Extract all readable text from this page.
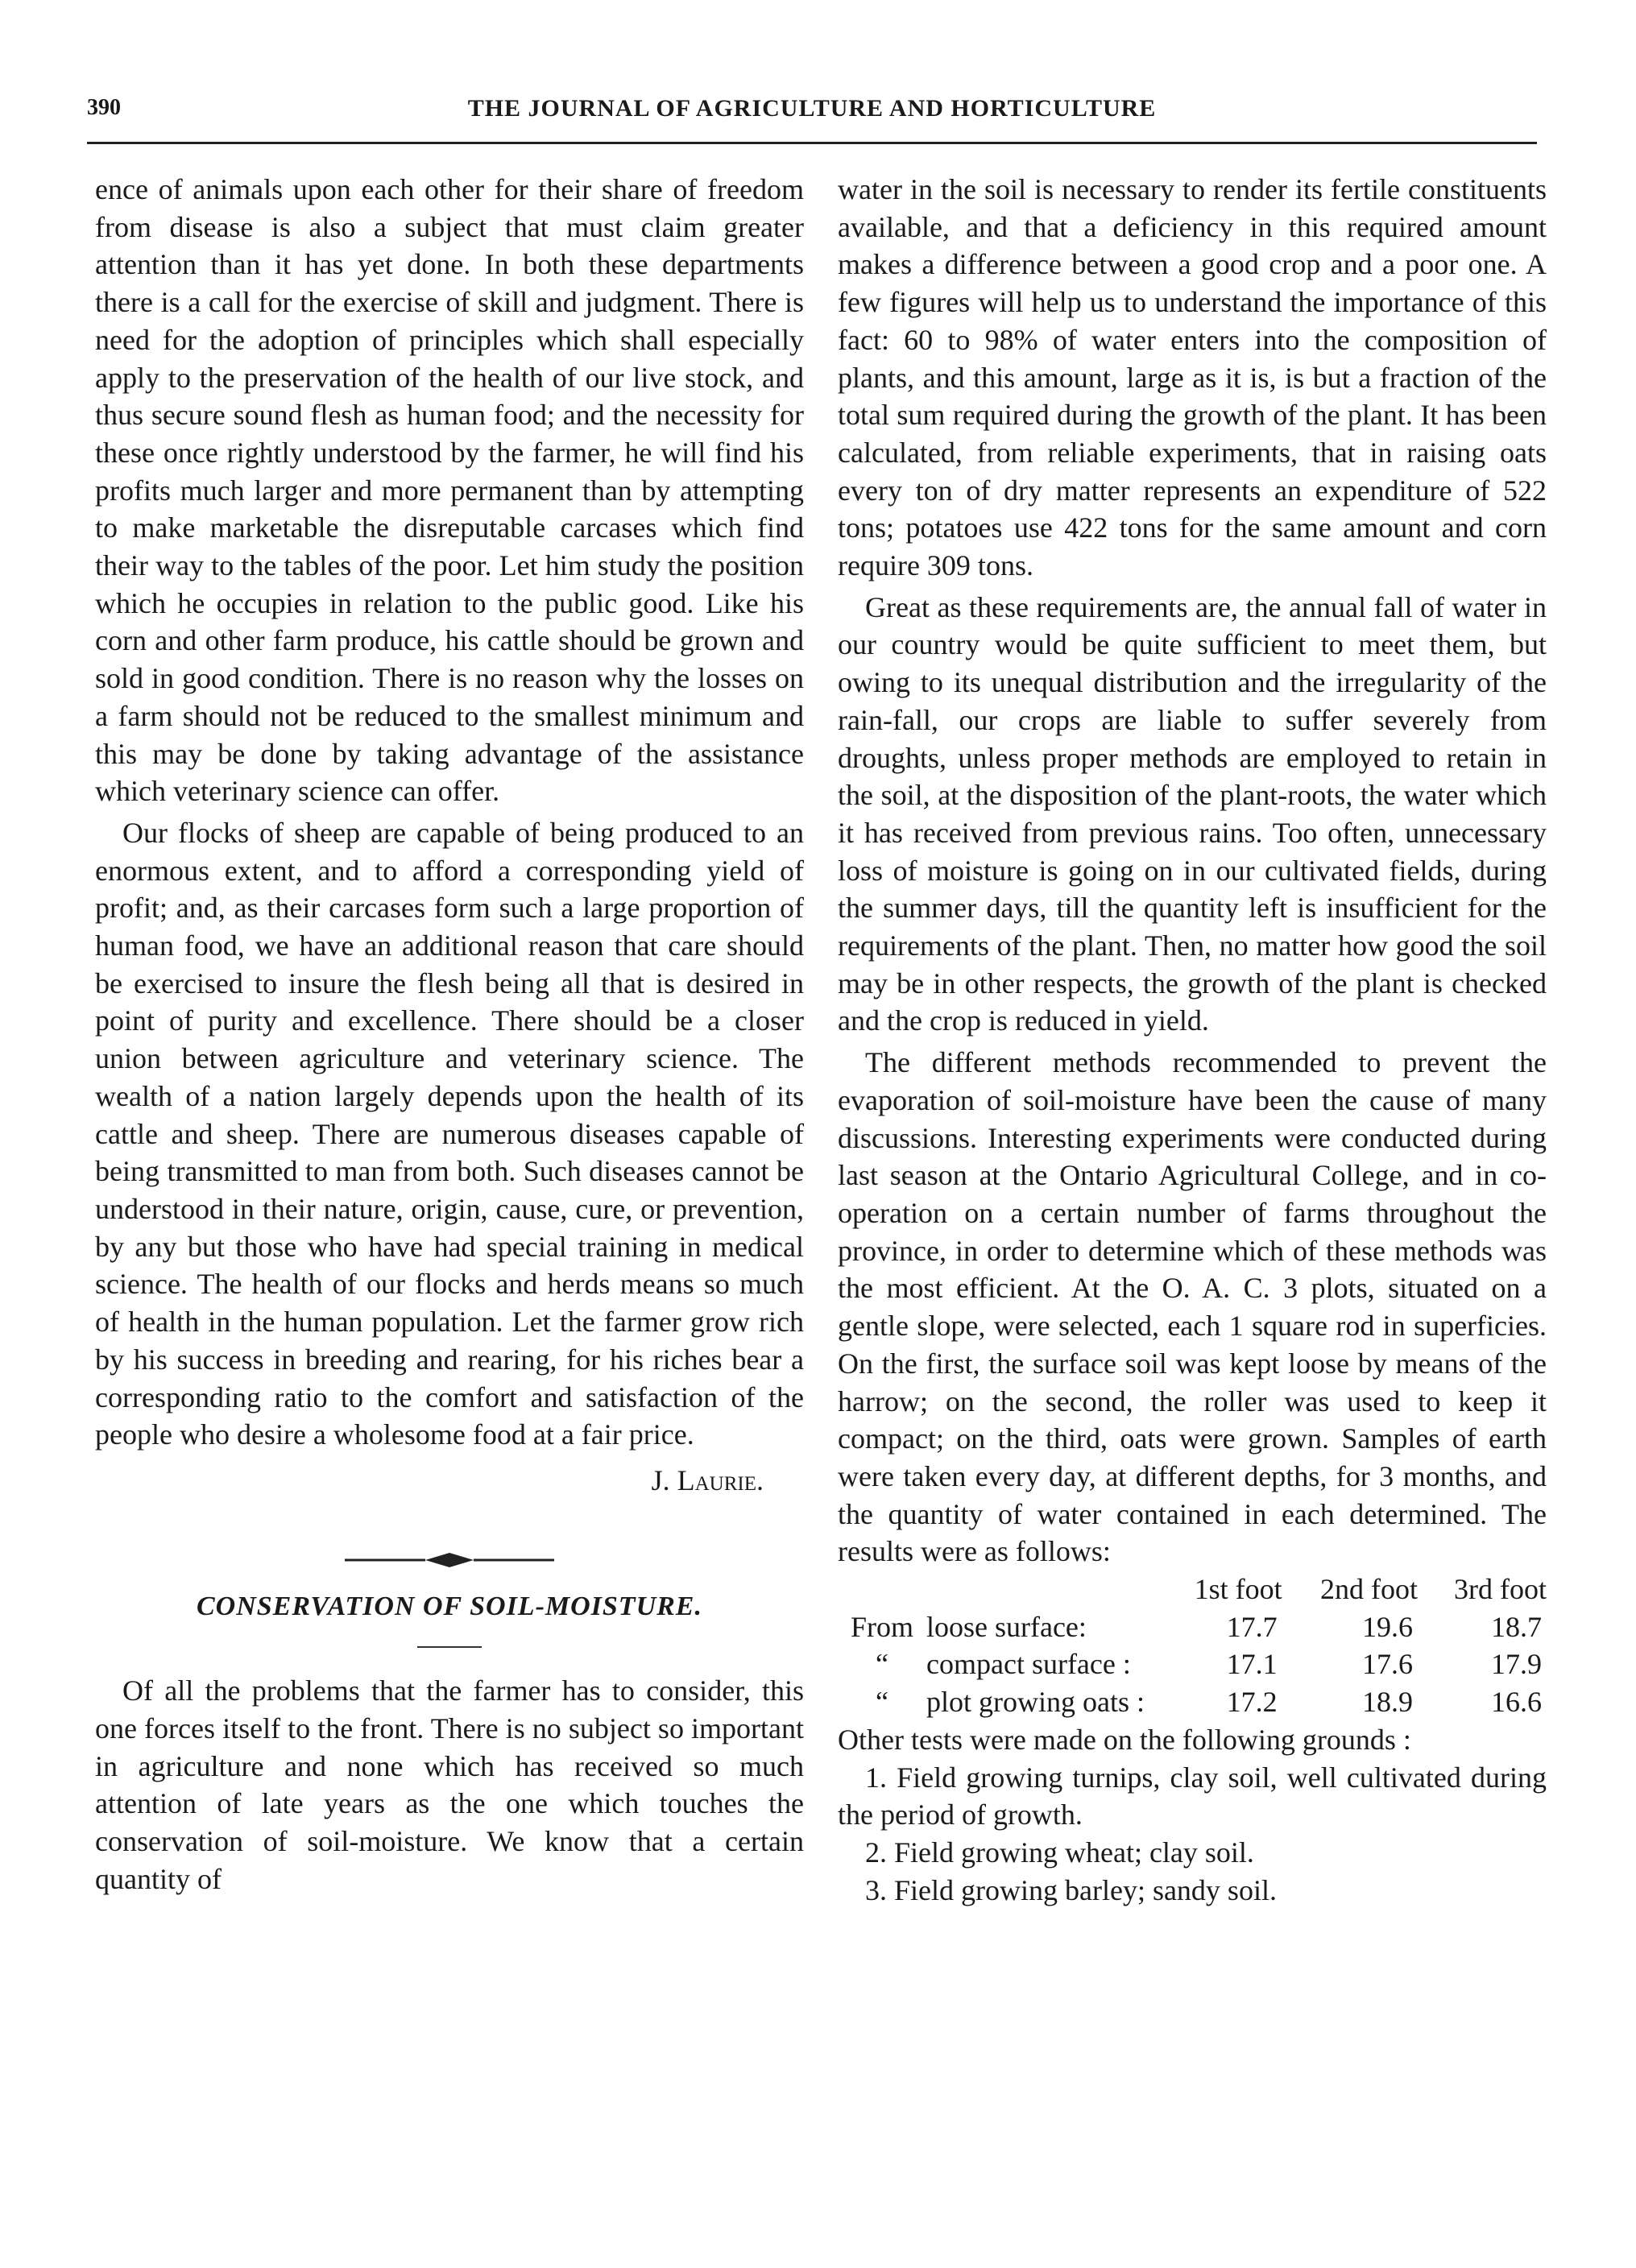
THE JOURNAL OF AGRICULTURE AND HORTICULTURE
390

ence of animals upon each other for their share of freedom from disease is also a subject that must claim greater attention than it has yet done. In both these departments there is a call for the exercise of skill and judgment. There is need for the adoption of principles which shall especially apply to the preservation of the health of our live stock, and thus secure sound flesh as human food; and the necessity for these once rightly understood by the farmer, he will find his profits much larger and more permanent than by attempting to make marketable the disreputable carcases which find their way to the tables of the poor. Let him study the position which he occupies in relation to the public good. Like his corn and other farm produce, his cattle should be grown and sold in good condition. There is no reason why the losses on a farm should not be reduced to the smallest minimum and this may be done by taking advantage of the assistance which veterinary science can offer.

Our flocks of sheep are capable of being produced to an enormous extent, and to afford a corresponding yield of profit; and, as their carcases form such a large proportion of human food, we have an additional reason that care should be exercised to insure the flesh being all that is desired in point of purity and excellence. There should be a closer union between agriculture and veterinary science. The wealth of a nation largely depends upon the health of its cattle and sheep. There are numerous diseases capable of being transmitted to man from both. Such diseases cannot be understood in their nature, origin, cause, cure, or prevention, by any but those who have had special training in medical science. The health of our flocks and herds means so much of health in the human population. Let the farmer grow rich by his success in breeding and rearing, for his riches bear a corresponding ratio to the comfort and satisfaction of the people who desire a wholesome food at a fair price.

J. Laurie.

CONSERVATION OF SOIL-MOISTURE.

Of all the problems that the farmer has to consider, this one forces itself to the front. There is no subject so important in agriculture and none which has received so much attention of late years as the one which touches the conservation of soil-moisture. We know that a certain quantity of

water in the soil is necessary to render its fertile constituents available, and that a deficiency in this required amount makes a difference between a good crop and a poor one. A few figures will help us to understand the importance of this fact: 60 to 98% of water enters into the composition of plants, and this amount, large as it is, is but a fraction of the total sum required during the growth of the plant. It has been calculated, from reliable experiments, that in raising oats every ton of dry matter represents an expenditure of 522 tons; potatoes use 422 tons for the same amount and corn require 309 tons.

Great as these requirements are, the annual fall of water in our country would be quite sufficient to meet them, but owing to its unequal distribution and the irregularity of the rain-fall, our crops are liable to suffer severely from droughts, unless proper methods are employed to retain in the soil, at the disposition of the plant-roots, the water which it has received from previous rains. Too often, unnecessary loss of moisture is going on in our cultivated fields, during the summer days, till the quantity left is insufficient for the requirements of the plant. Then, no matter how good the soil may be in other respects, the growth of the plant is checked and the crop is reduced in yield.

The different methods recommended to prevent the evaporation of soil-moisture have been the cause of many discussions. Interesting experiments were conducted during last season at the Ontario Agricultural College, and in co-operation on a certain number of farms throughout the province, in order to determine which of these methods was the most efficient. At the O. A. C. 3 plots, situated on a gentle slope, were selected, each 1 square rod in superficies. On the first, the surface soil was kept loose by means of the harrow; on the second, the roller was used to keep it compact; on the third, oats were grown. Samples of earth were taken every day, at different depths, for 3 months, and the quantity of water contained in each determined. The results were as follows:

	1st foot	2nd foot	3rd foot
From loose surface:	17.7	19.6	18.7
“ compact surface :	17.1	17.6	17.9
“ plot growing oats :	17.2	18.9	16.6

Other tests were made on the following grounds :

1. Field growing turnips, clay soil, well cultivated during the period of growth.

2. Field growing wheat; clay soil.

3. Field growing barley; sandy soil.
